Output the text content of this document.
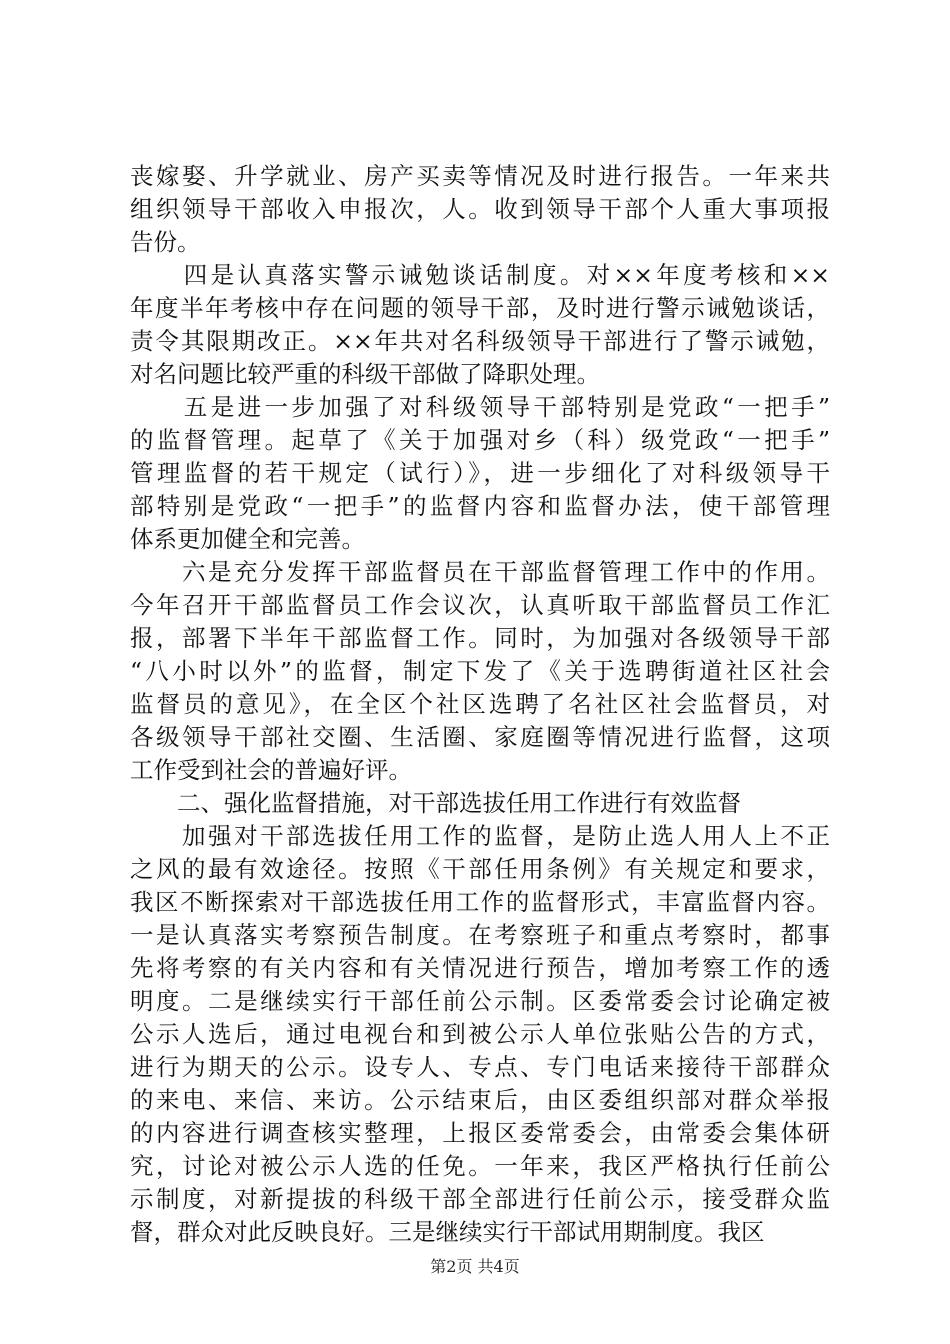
丧嫁娶、升学就业、房产买卖等情况及时进行报告。一年来共
组织领导干部收入申报次，人。收到领导干部个人重大事项报
告份。
　　四是认真落实警示诫勉谈话制度。对××年度考核和××
年度半年考核中存在问题的领导干部，及时进行警示诫勉谈话，
责令其限期改正。××年共对名科级领导干部进行了警示诫勉，
对名问题比较严重的科级干部做了降职处理。
　　五是进一步加强了对科级领导干部特别是党政“一把手”
的监督管理。起草了《关于加强对乡（科）级党政“一把手”
管理监督的若干规定（试行）》，进一步细化了对科级领导干
部特别是党政“一把手”的监督内容和监督办法，使干部管理
体系更加健全和完善。
　　六是充分发挥干部监督员在干部监督管理工作中的作用。
今年召开干部监督员工作会议次，认真听取干部监督员工作汇
报，部署下半年干部监督工作。同时，为加强对各级领导干部
“八小时以外”的监督，制定下发了《关于选聘街道社区社会
监督员的意见》，在全区个社区选聘了名社区社会监督员，对
各级领导干部社交圈、生活圈、家庭圈等情况进行监督，这项
工作受到社会的普遍好评。
　　二、强化监督措施，对干部选拔任用工作进行有效监督
　　加强对干部选拔任用工作的监督，是防止选人用人上不正
之风的最有效途径。按照《干部任用条例》有关规定和要求，
我区不断探索对干部选拔任用工作的监督形式，丰富监督内容。
一是认真落实考察预告制度。在考察班子和重点考察时，都事
先将考察的有关内容和有关情况进行预告，增加考察工作的透
明度。二是继续实行干部任前公示制。区委常委会讨论确定被
公示人选后，通过电视台和到被公示人单位张贴公告的方式，
进行为期天的公示。设专人、专点、专门电话来接待干部群众
的来电、来信、来访。公示结束后，由区委组织部对群众举报
的内容进行调查核实整理，上报区委常委会，由常委会集体研
究，讨论对被公示人选的任免。一年来，我区严格执行任前公
示制度，对新提拔的科级干部全部进行任前公示，接受群众监
督，群众对此反映良好。三是继续实行干部试用期制度。我区
第2页 共4页
